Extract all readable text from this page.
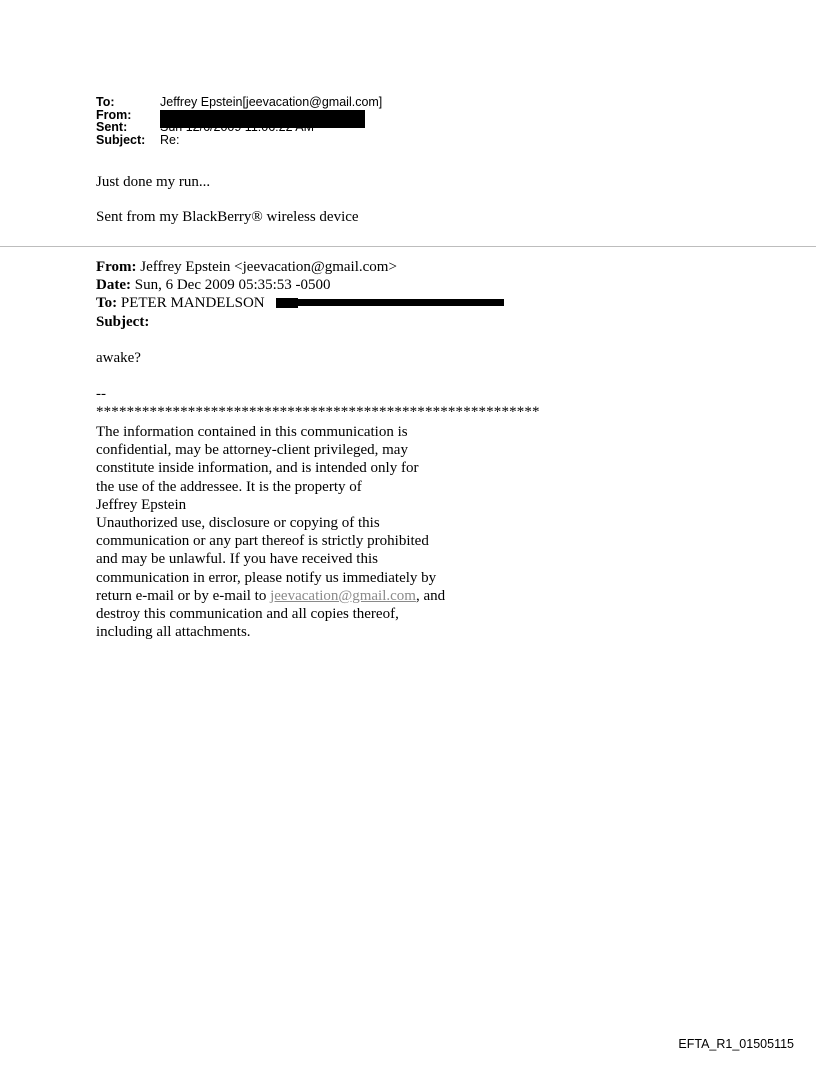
To:	Jeffrey Epstein[jeevacation@gmail.com]
From:
Sent:
Subject:	Re:
Just done my run...
Sent from my BlackBerry® wireless device
From: Jeffrey Epstein <jeevacation@gmail.com>
Date: Sun, 6 Dec 2009 05:35:53 -0500
To: PETER MANDELSON
Subject:
awake?
--
**********************************************************
The information contained in this communication is
confidential, may be attorney-client privileged, may
constitute inside information, and is intended only for
the use of the addressee. It is the property of
Jeffrey Epstein
Unauthorized use, disclosure or copying of this
communication or any part thereof is strictly prohibited
and may be unlawful. If you have received this
communication in error, please notify us immediately by
return e-mail or by e-mail to jeevacation@gmail.com, and
destroy this communication and all copies thereof,
including all attachments.
EFTA_R1_01505115
